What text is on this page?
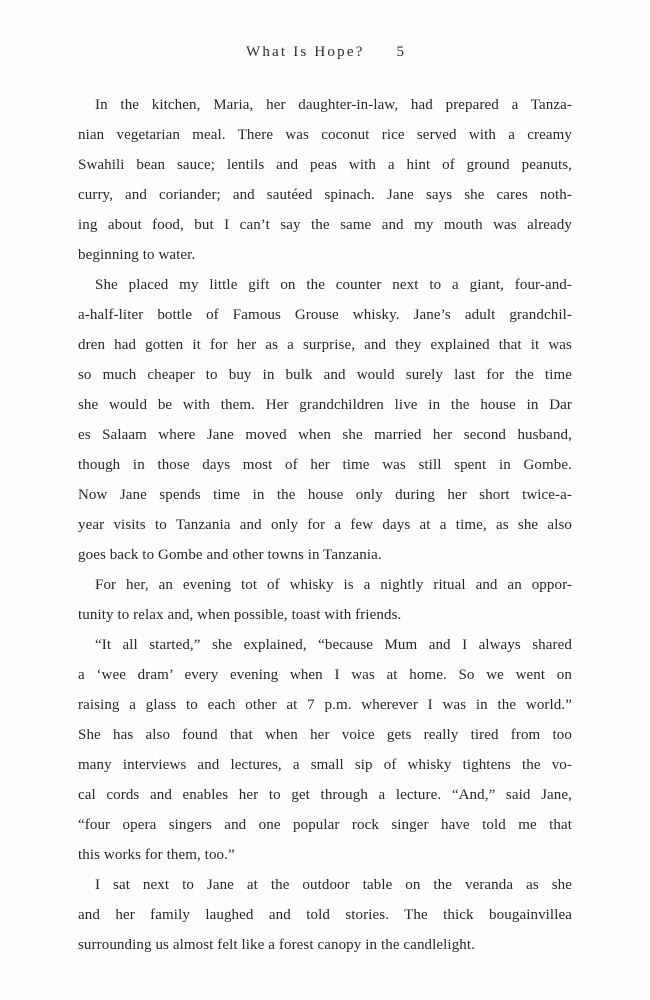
What Is Hope? 5
In the kitchen, Maria, her daughter-in-law, had prepared a Tanza-
nian vegetarian meal. There was coconut rice served with a creamy
Swahili bean sauce; lentils and peas with a hint of ground peanuts,
curry, and coriander; and sautéed spinach. Jane says she cares noth-
ing about food, but I can’t say the same and my mouth was already
beginning to water.
She placed my little gift on the counter next to a giant, four-and-
a-half-liter bottle of Famous Grouse whisky. Jane’s adult grandchil-
dren had gotten it for her as a surprise, and they explained that it was
so much cheaper to buy in bulk and would surely last for the time
she would be with them. Her grandchildren live in the house in Dar
es Salaam where Jane moved when she married her second husband,
though in those days most of her time was still spent in Gombe.
Now Jane spends time in the house only during her short twice-a-
year visits to Tanzania and only for a few days at a time, as she also
goes back to Gombe and other towns in Tanzania.
For her, an evening tot of whisky is a nightly ritual and an oppor-
tunity to relax and, when possible, toast with friends.
“It all started,” she explained, “because Mum and I always shared
a ‘wee dram’ every evening when I was at home. So we went on
raising a glass to each other at 7 p.m. wherever I was in the world.”
She has also found that when her voice gets really tired from too
many interviews and lectures, a small sip of whisky tightens the vo-
cal cords and enables her to get through a lecture. “And,” said Jane,
“four opera singers and one popular rock singer have told me that
this works for them, too.”
I sat next to Jane at the outdoor table on the veranda as she
and her family laughed and told stories. The thick bougainvillea
surrounding us almost felt like a forest canopy in the candlelight.
